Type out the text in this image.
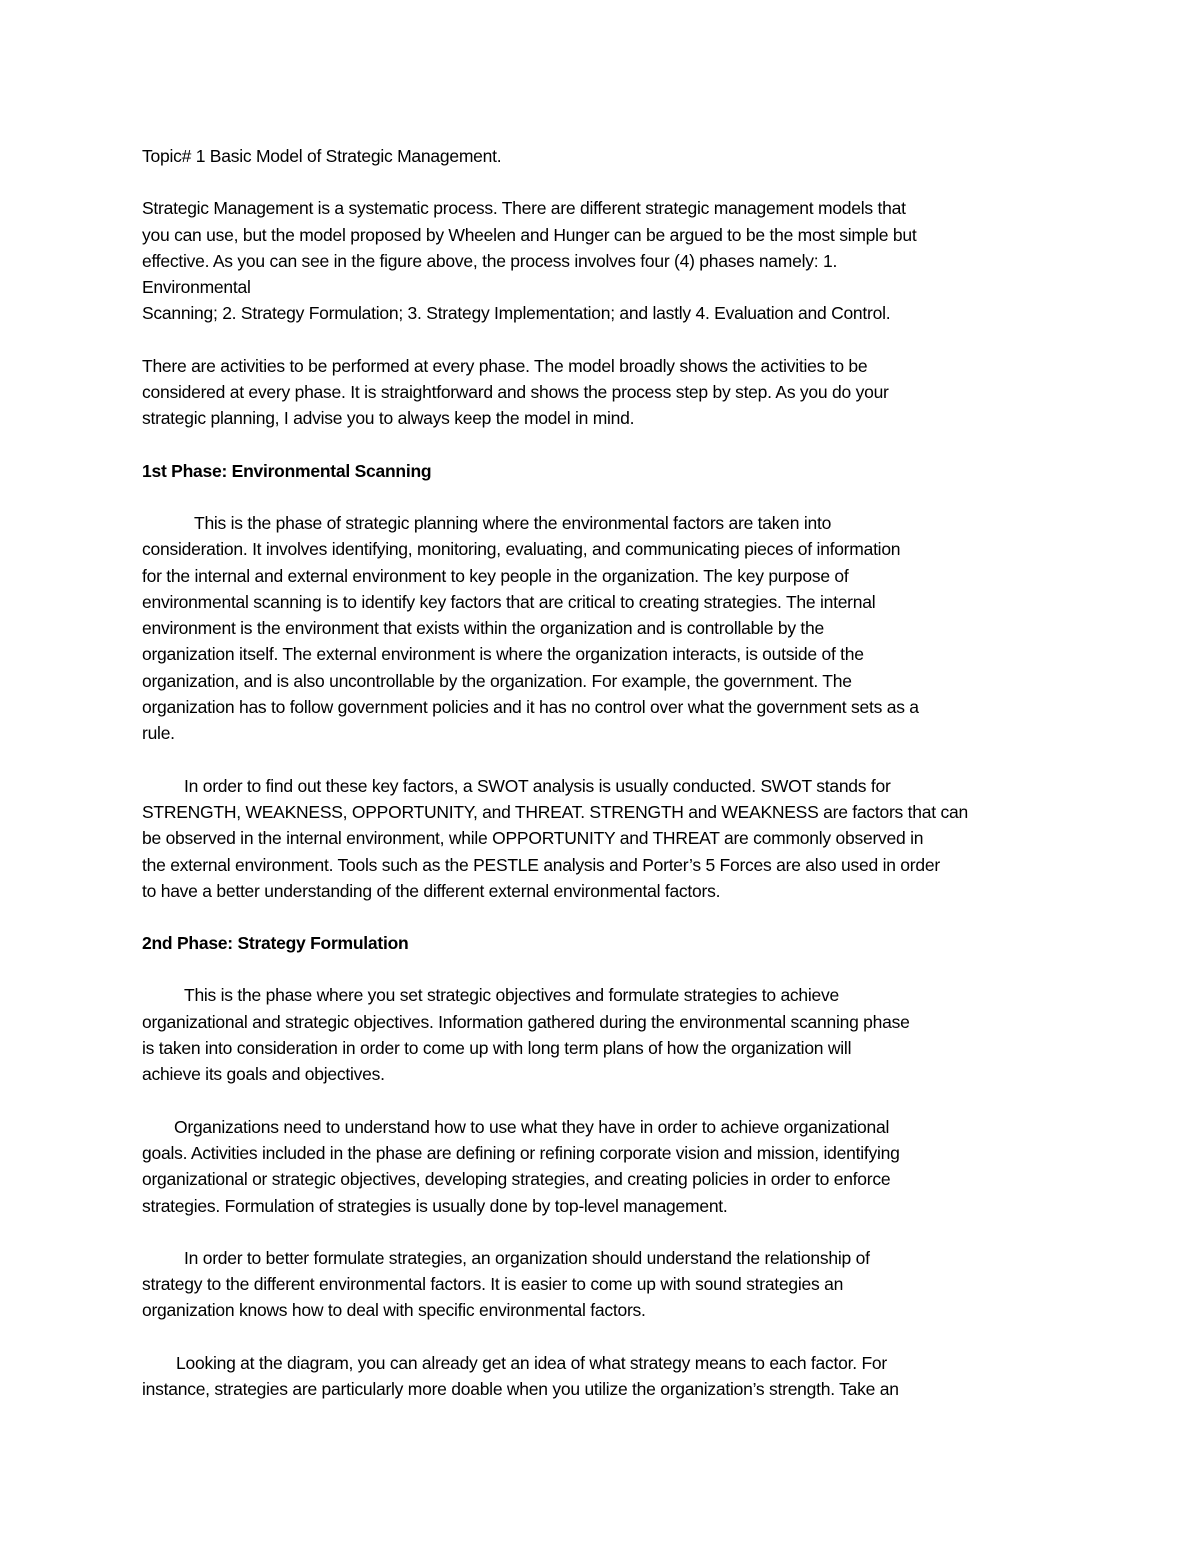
Topic# 1 Basic Model of Strategic Management.

Strategic Management is a systematic process. There are different strategic management models that
you can use, but the model proposed by Wheelen and Hunger can be argued to be the most simple but
effective. As you can see in the figure above, the process involves four (4) phases namely: 1.
Environmental
Scanning; 2. Strategy Formulation; 3. Strategy Implementation; and lastly 4. Evaluation and Control.
There are activities to be performed at every phase. The model broadly shows the activities to be
considered at every phase. It is straightforward and shows the process step by step. As you do your
strategic planning, I advise you to always keep the model in mind.

1st Phase: Environmental Scanning

This is the phase of strategic planning where the environmental factors are taken into
consideration. It involves identifying, monitoring, evaluating, and communicating pieces of information
for the internal and external environment to key people in the organization. The key purpose of
environmental scanning is to identify key factors that are critical to creating strategies. The internal
environment is the environment that exists within the organization and is controllable by the
organization itself. The external environment is where the organization interacts, is outside of the
organization, and is also uncontrollable by the organization. For example, the government. The
organization has to follow government policies and it has no control over what the government sets as a
rule.
In order to find out these key factors, a SWOT analysis is usually conducted. SWOT stands for
STRENGTH, WEAKNESS, OPPORTUNITY, and THREAT. STRENGTH and WEAKNESS are factors that can
be observed in the internal environment, while OPPORTUNITY and THREAT are commonly observed in
the external environment. Tools such as the PESTLE analysis and Porter’s 5 Forces are also used in order
to have a better understanding of the different external environmental factors.

2nd Phase: Strategy Formulation

This is the phase where you set strategic objectives and formulate strategies to achieve
organizational and strategic objectives. Information gathered during the environmental scanning phase
is taken into consideration in order to come up with long term plans of how the organization will
achieve its goals and objectives.
Organizations need to understand how to use what they have in order to achieve organizational
goals. Activities included in the phase are defining or refining corporate vision and mission, identifying
organizational or strategic objectives, developing strategies, and creating policies in order to enforce
strategies. Formulation of strategies is usually done by top-level management.
In order to better formulate strategies, an organization should understand the relationship of
strategy to the different environmental factors. It is easier to come up with sound strategies an
organization knows how to deal with specific environmental factors.
Looking at the diagram, you can already get an idea of what strategy means to each factor. For
instance, strategies are particularly more doable when you utilize the organization’s strength. Take an
